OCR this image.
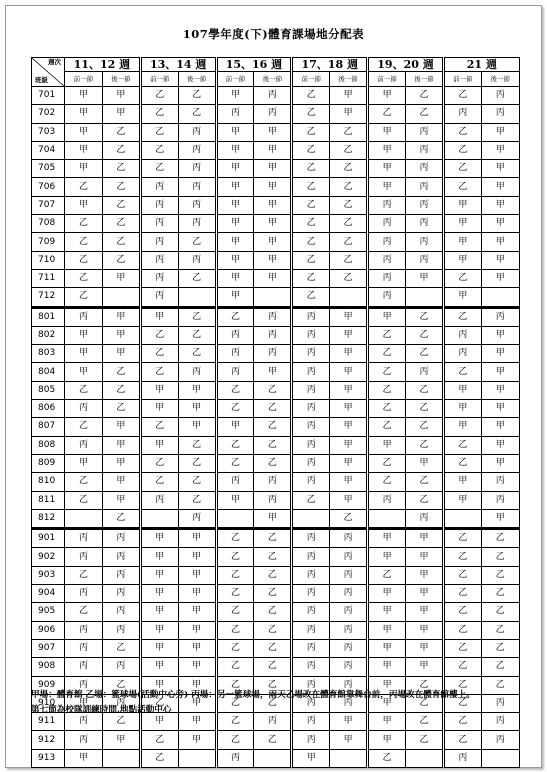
107學年度(下)體育課場地分配表
週次
班級	11、12 週		13、14 週		15、16 週		17、18 週		19、20 週		21 週	
	前一節	後一節	前一節	後一節	前一節	後一節	前一節	後一節	前一節	後一節	前一節	後一節
701	甲	甲	乙	乙	甲	丙	乙	甲	甲	乙	乙	丙
702	甲	甲	乙	乙	丙	丙	乙	甲	乙	乙	丙	丙
703	甲	乙	乙	丙	甲	甲	乙	乙	甲	丙	乙	甲
704	甲	乙	乙	丙	甲	甲	乙	乙	甲	丙	乙	甲
705	甲	乙	乙	丙	甲	甲	乙	乙	甲	丙	乙	甲
706	乙	乙	丙	丙	甲	甲	乙	乙	甲	丙	乙	甲
707	甲	乙	丙	丙	甲	甲	乙	乙	丙	丙	甲	甲
708	乙	乙	丙	丙	甲	甲	乙	乙	丙	丙	甲	甲
709	乙	乙	丙	乙	甲	甲	乙	乙	丙	丙	甲	甲
710	乙	乙	丙	丙	甲	甲	乙	乙	丙	丙	甲	甲
711	乙	甲	丙	乙	甲	甲	乙	乙	丙	甲	乙	甲
712	乙		丙		甲		乙		丙		甲	
801	丙	甲	甲	乙	乙	丙	丙	甲	甲	乙	乙	丙
802	甲	甲	乙	乙	丙	丙	丙	甲	乙	乙	丙	甲
803	甲	甲	乙	乙	丙	丙	丙	甲	乙	乙	丙	甲
804	甲	乙	乙	丙	丙	甲	丙	甲	乙	丙	乙	甲
805	乙	乙	甲	甲	乙	乙	丙	甲	乙	乙	甲	甲
806	丙	乙	甲	甲	乙	乙	丙	甲	乙	乙	甲	甲
807	乙	甲	乙	甲	甲	乙	丙	甲	乙	乙	甲	甲
808	丙	甲	甲	乙	乙	乙	丙	甲	甲	乙	乙	甲
809	甲	甲	乙	乙	乙	乙	丙	甲	乙	甲	乙	甲
810	乙	甲	乙	乙	丙	丙	丙	甲	乙	乙	甲	丙
811	乙	甲	丙	乙	甲	丙	乙	甲	丙	乙	甲	丙
812		乙		丙		甲		乙		丙		甲
901	丙	丙	甲	甲	乙	乙	丙	丙	甲	甲	乙	乙
902	丙	丙	甲	甲	乙	乙	丙	丙	甲	甲	乙	乙
903	乙	丙	甲	甲	乙	乙	丙	丙	乙	甲	乙	乙
904	丙	丙	甲	甲	乙	乙	丙	丙	甲	甲	乙	乙
905	乙	丙	甲	甲	乙	乙	丙	丙	甲	甲	乙	乙
906	丙	丙	甲	甲	乙	乙	丙	丙	甲	甲	乙	乙
907	丙	乙	甲	甲	乙	乙	丙	丙	甲	甲	乙	乙
908	丙	丙	甲	甲	乙	乙	丙	丙	甲	甲	乙	乙
909	丙	乙	甲	甲	乙	乙	丙	丙	甲	乙	乙	乙
910	甲	丙	乙	甲	乙	乙	丙	丙	甲	乙	乙	丙
911	丙	乙	甲	甲	乙	丙	丙	甲	甲	乙	乙	丙
912	丙	甲	乙	甲	乙	乙	丙	甲	甲	乙	乙	丙
913	甲		乙		丙		甲		乙		丙	

甲場：體育館 乙場：籃球場(活動中心旁) 丙場：另一籃球場，雨天乙場改在體育館靠舞台前，丙場改在體育館樓上。

第七節為校隊訓練時間,地點活動中心
